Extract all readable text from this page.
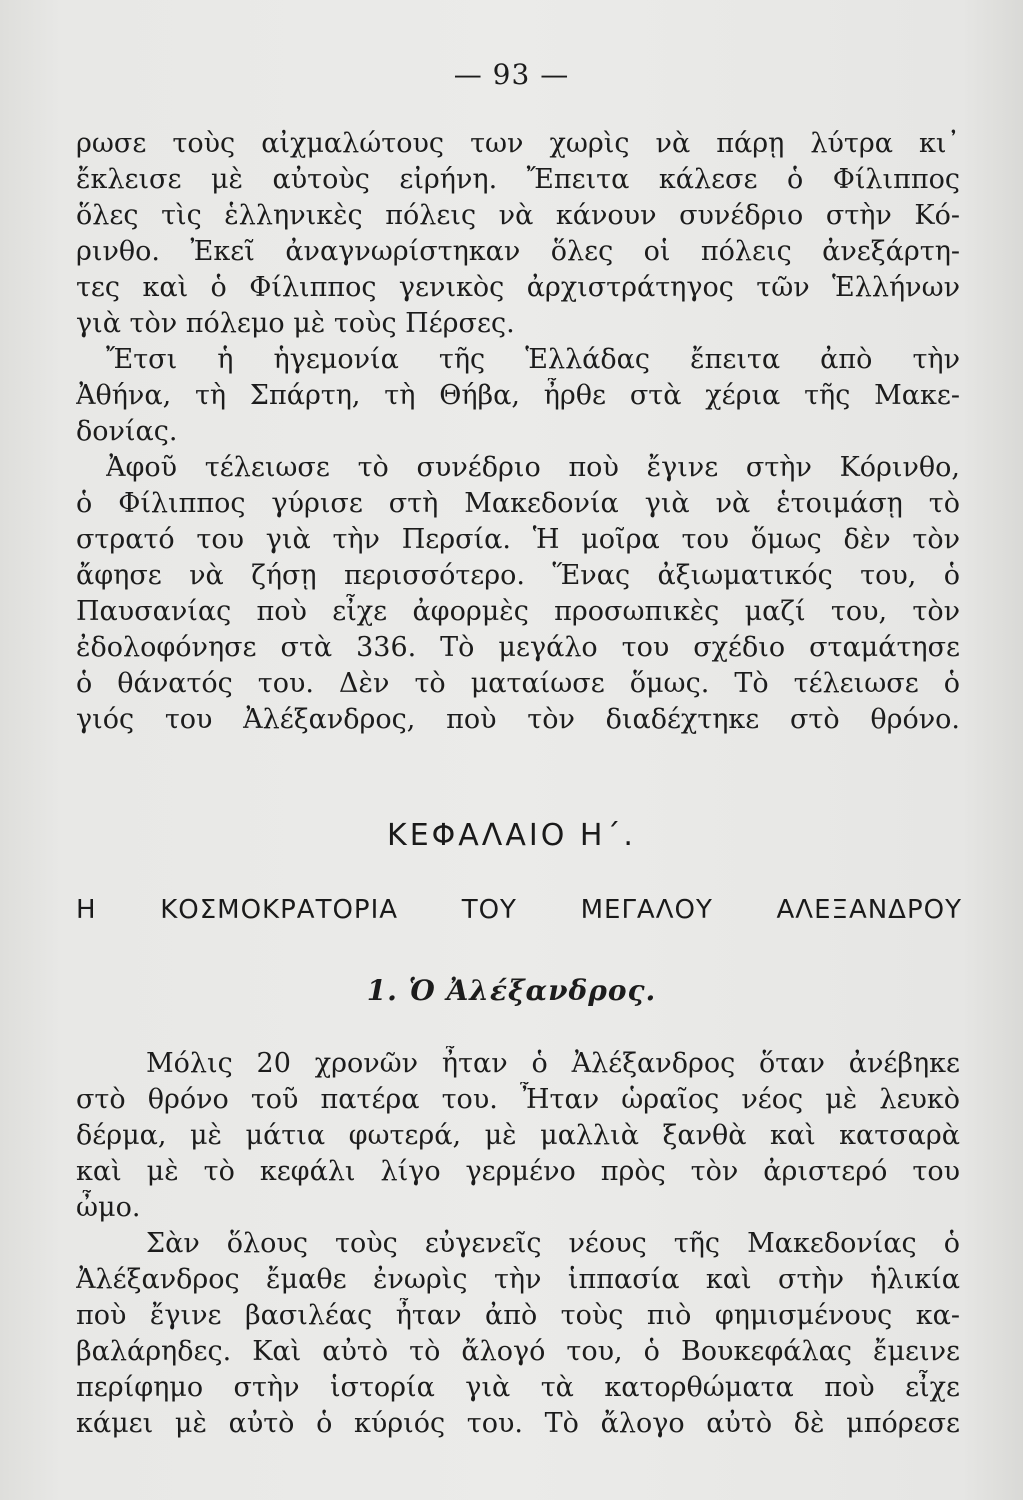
— 93 —

ρωσε τοὺς αἰχμαλώτους των χωρὶς νὰ πάρῃ λύτρα κι᾽

ἔκλεισε μὲ αὐτοὺς εἰρήνη. Ἔπειτα κάλεσε ὁ Φίλιππος

ὅλες τὶς ἑλληνικὲς πόλεις νὰ κάνουν συνέδριο στὴν Κό-

ρινθο. Ἐκεῖ ἀναγνωρίστηκαν ὅλες οἱ πόλεις ἀνεξάρτη-

τες καὶ ὁ Φίλιππος γενικὸς ἀρχιστράτηγος τῶν Ἑλλήνων

γιὰ τὸν πόλεμο μὲ τοὺς Πέρσες.

Ἔτσι ἡ ἡγεμονία τῆς Ἑλλάδας ἔπειτα ἀπὸ τὴν

Ἀθήνα, τὴ Σπάρτη, τὴ Θήβα, ἦρθε στὰ χέρια τῆς Μακε-

δονίας.

Ἀφοῦ τέλειωσε τὸ συνέδριο ποὺ ἔγινε στὴν Κόρινθο,

ὁ Φίλιππος γύρισε στὴ Μακεδονία γιὰ νὰ ἑτοιμάσῃ τὸ

στρατό του γιὰ τὴν Περσία. Ἡ μοῖρα του ὅμως δὲν τὸν

ἄφησε νὰ ζήσῃ περισσότερο. Ἕνας ἀξιωματικός του, ὁ

Παυσανίας ποὺ εἶχε ἀφορμὲς προσωπικὲς μαζί του, τὸν

ἐδολοφόνησε στὰ 336. Τὸ μεγάλο του σχέδιο σταμάτησε

ὁ θάνατός του. Δὲν τὸ ματαίωσε ὅμως. Τὸ τέλειωσε ὁ

γιός του Ἀλέξανδρος, ποὺ τὸν διαδέχτηκε στὸ θρόνο.

ΚΕΦΑΛΑΙΟ Η΄.

Η ΚΟΣΜΟΚΡΑΤΟΡΙΑ ΤΟΥ ΜΕΓΑΛΟΥ ΑΛΕΞΑΝΔΡΟΥ

1. Ὁ Ἀλέξανδρος.

Μόλις 20 χρονῶν ἦταν ὁ Ἀλέξανδρος ὅταν ἀνέβηκε

στὸ θρόνο τοῦ πατέρα του. Ἦταν ὡραῖος νέος μὲ λευκὸ

δέρμα, μὲ μάτια φωτερά, μὲ μαλλιὰ ξανθὰ καὶ κατσαρὰ

καὶ μὲ τὸ κεφάλι λίγο γερμένο πρὸς τὸν ἀριστερό του

ὦμο.

Σὰν ὅλους τοὺς εὐγενεῖς νέους τῆς Μακεδονίας ὁ

Ἀλέξανδρος ἔμαθε ἐνωρὶς τὴν ἱππασία καὶ στὴν ἡλικία

ποὺ ἔγινε βασιλέας ἦταν ἀπὸ τοὺς πιὸ φημισμένους κα-

βαλάρηδες. Καὶ αὐτὸ τὸ ἄλογό του, ὁ Βουκεφάλας ἔμεινε

περίφημο στὴν ἱστορία γιὰ τὰ κατορθώματα ποὺ εἶχε

κάμει μὲ αὐτὸ ὁ κύριός του. Τὸ ἄλογο αὐτὸ δὲ μπόρεσε
